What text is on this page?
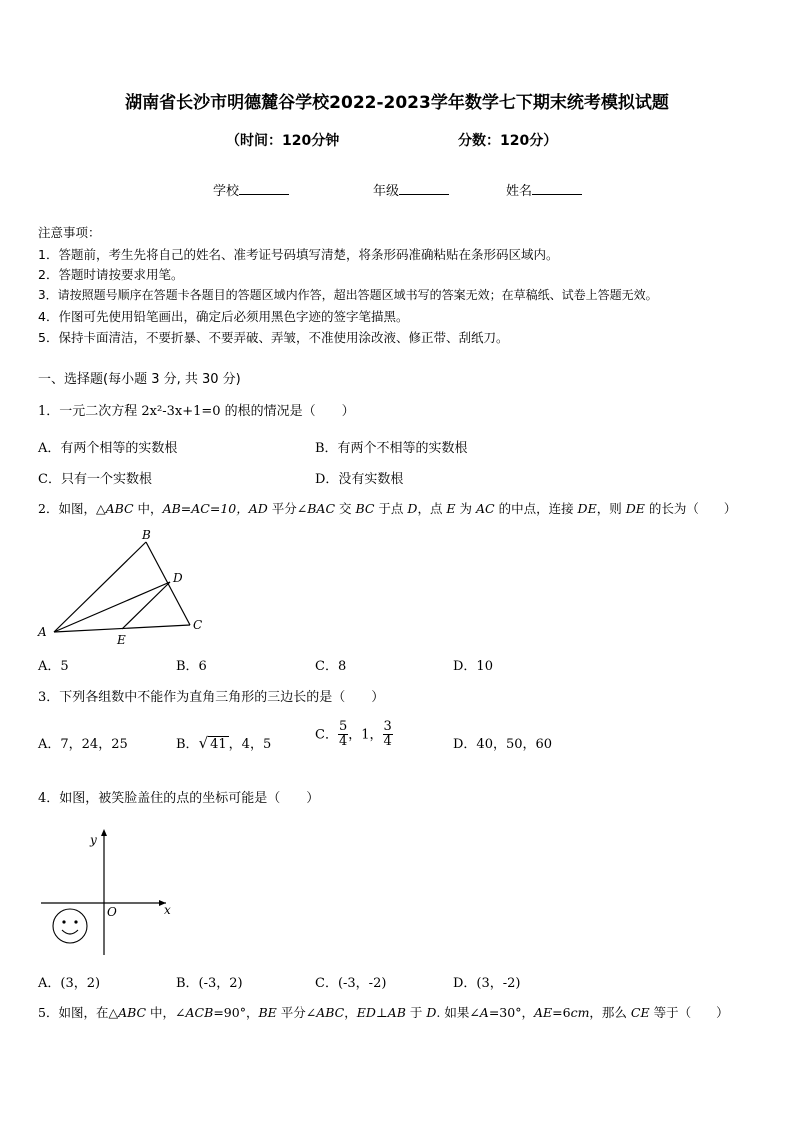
湖南省长沙市明德麓谷学校2022-2023学年数学七下期末统考模拟试题
（时间：120分钟	分数：120分）
学校	年级	姓名
注意事项：
1．答题前，考生先将自己的姓名、准考证号码填写清楚，将条形码准确粘贴在条形码区域内。
2．答题时请按要求用笔。
3．请按照题号顺序在答题卡各题目的答题区域内作答，超出答题区域书写的答案无效；在草稿纸、试卷上答题无效。
4．作图可先使用铅笔画出，确定后必须用黑色字迹的签字笔描黑。
5．保持卡面清洁，不要折暴、不要弄破、弄皱，不准使用涂改液、修正带、刮纸刀。
一、选择题(每小题 3 分, 共 30 分)
1．一元二次方程 2x²-3x+1=0 的根的情况是（　　）
A．有两个相等的实数根	B．有两个不相等的实数根
C．只有一个实数根	D．没有实数根
2．如图，△ABC 中，AB=AC=10，AD 平分∠BAC 交 BC 于点 D，点 E 为 AC 的中点，连接 DE，则 DE 的长为（　　）
A
B
C
D
E
A．5	B．6	C．8	D．10
3．下列各组数中不能作为直角三角形的三边长的是（　　）
A．7，24，25	B．√ 41 ，4，5
C． $\frac{5}{4}$ ，1， $\frac{3}{4}$	D．40，50，60
4．如图，被笑脸盖住的点的坐标可能是（　　）
x
y
O
A．(3，2)	B．(-3，2)	C．(-3，-2)	D．(3，-2)
5．如图，在△ABC 中，∠ACB=90°，BE 平分∠ABC，ED⊥AB 于 D. 如果∠A=30°，AE=6cm，那么 CE 等于（　　）
